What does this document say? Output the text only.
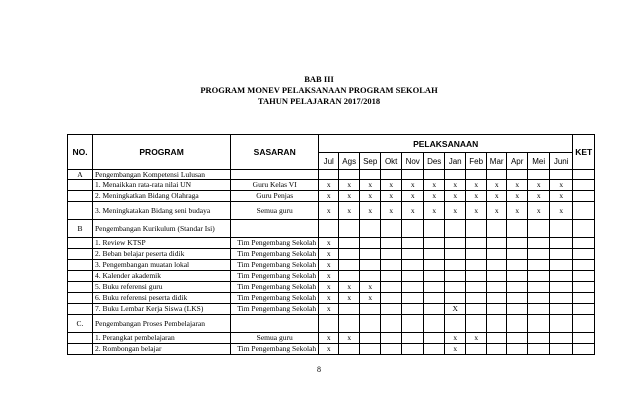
BAB III
PROGRAM MONEV PELAKSANAAN PROGRAM SEKOLAH
TAHUN PELAJARAN 2017/2018
NO.	PROGRAM	SASARAN	PELAKSANAAN												KET
			Jul	Ags	Sep	Okt	Nov	Des	Jan	Feb	Mar	Apr	Mei	Juni	
A	Pengembangan Kompetensi Lulusan														
	1. Menaikkan rata-rata nilai UN	Guru Kelas VI	x	x	x	x	x	x	x	x	x	x	x	x	
	2. Meningkatkan Bidang Olahraga	Guru Penjas	x	x	x	x	x	x	x	x	x	x	x	x	
	3. Meningkatakan Bidang seni budaya	Semua guru	x	x	x	x	x	x	x	x	x	x	x	x	
B	Pengembangan Kurikulum (Standar Isi)														
	1. Review KTSP	Tim Pengembang Sekolah	x												
	2. Beban belajar peserta didik	Tim Pengembang Sekolah	x												
	3. Pengembangan muatan lokal	Tim Pengembang Sekolah	x												
	4. Kalender akademik	Tim Pengembang Sekolah	x												
	5. Buku referensi guru	Tim Pengembang Sekolah	x	x	x										
	6. Buku referensi peserta didik	Tim Pengembang Sekolah	x	x	x										
	7. Buku Lembar Kerja Siswa (LKS)	Tim Pengembang Sekolah	x						X						
C.	Pengembangan Proses Pembelajaran														
	1. Perangkat pembelajaran	Semua guru	x	x					x	x					
	2. Rombongan belajar	Tim Pengembang Sekolah	x						x						
8
